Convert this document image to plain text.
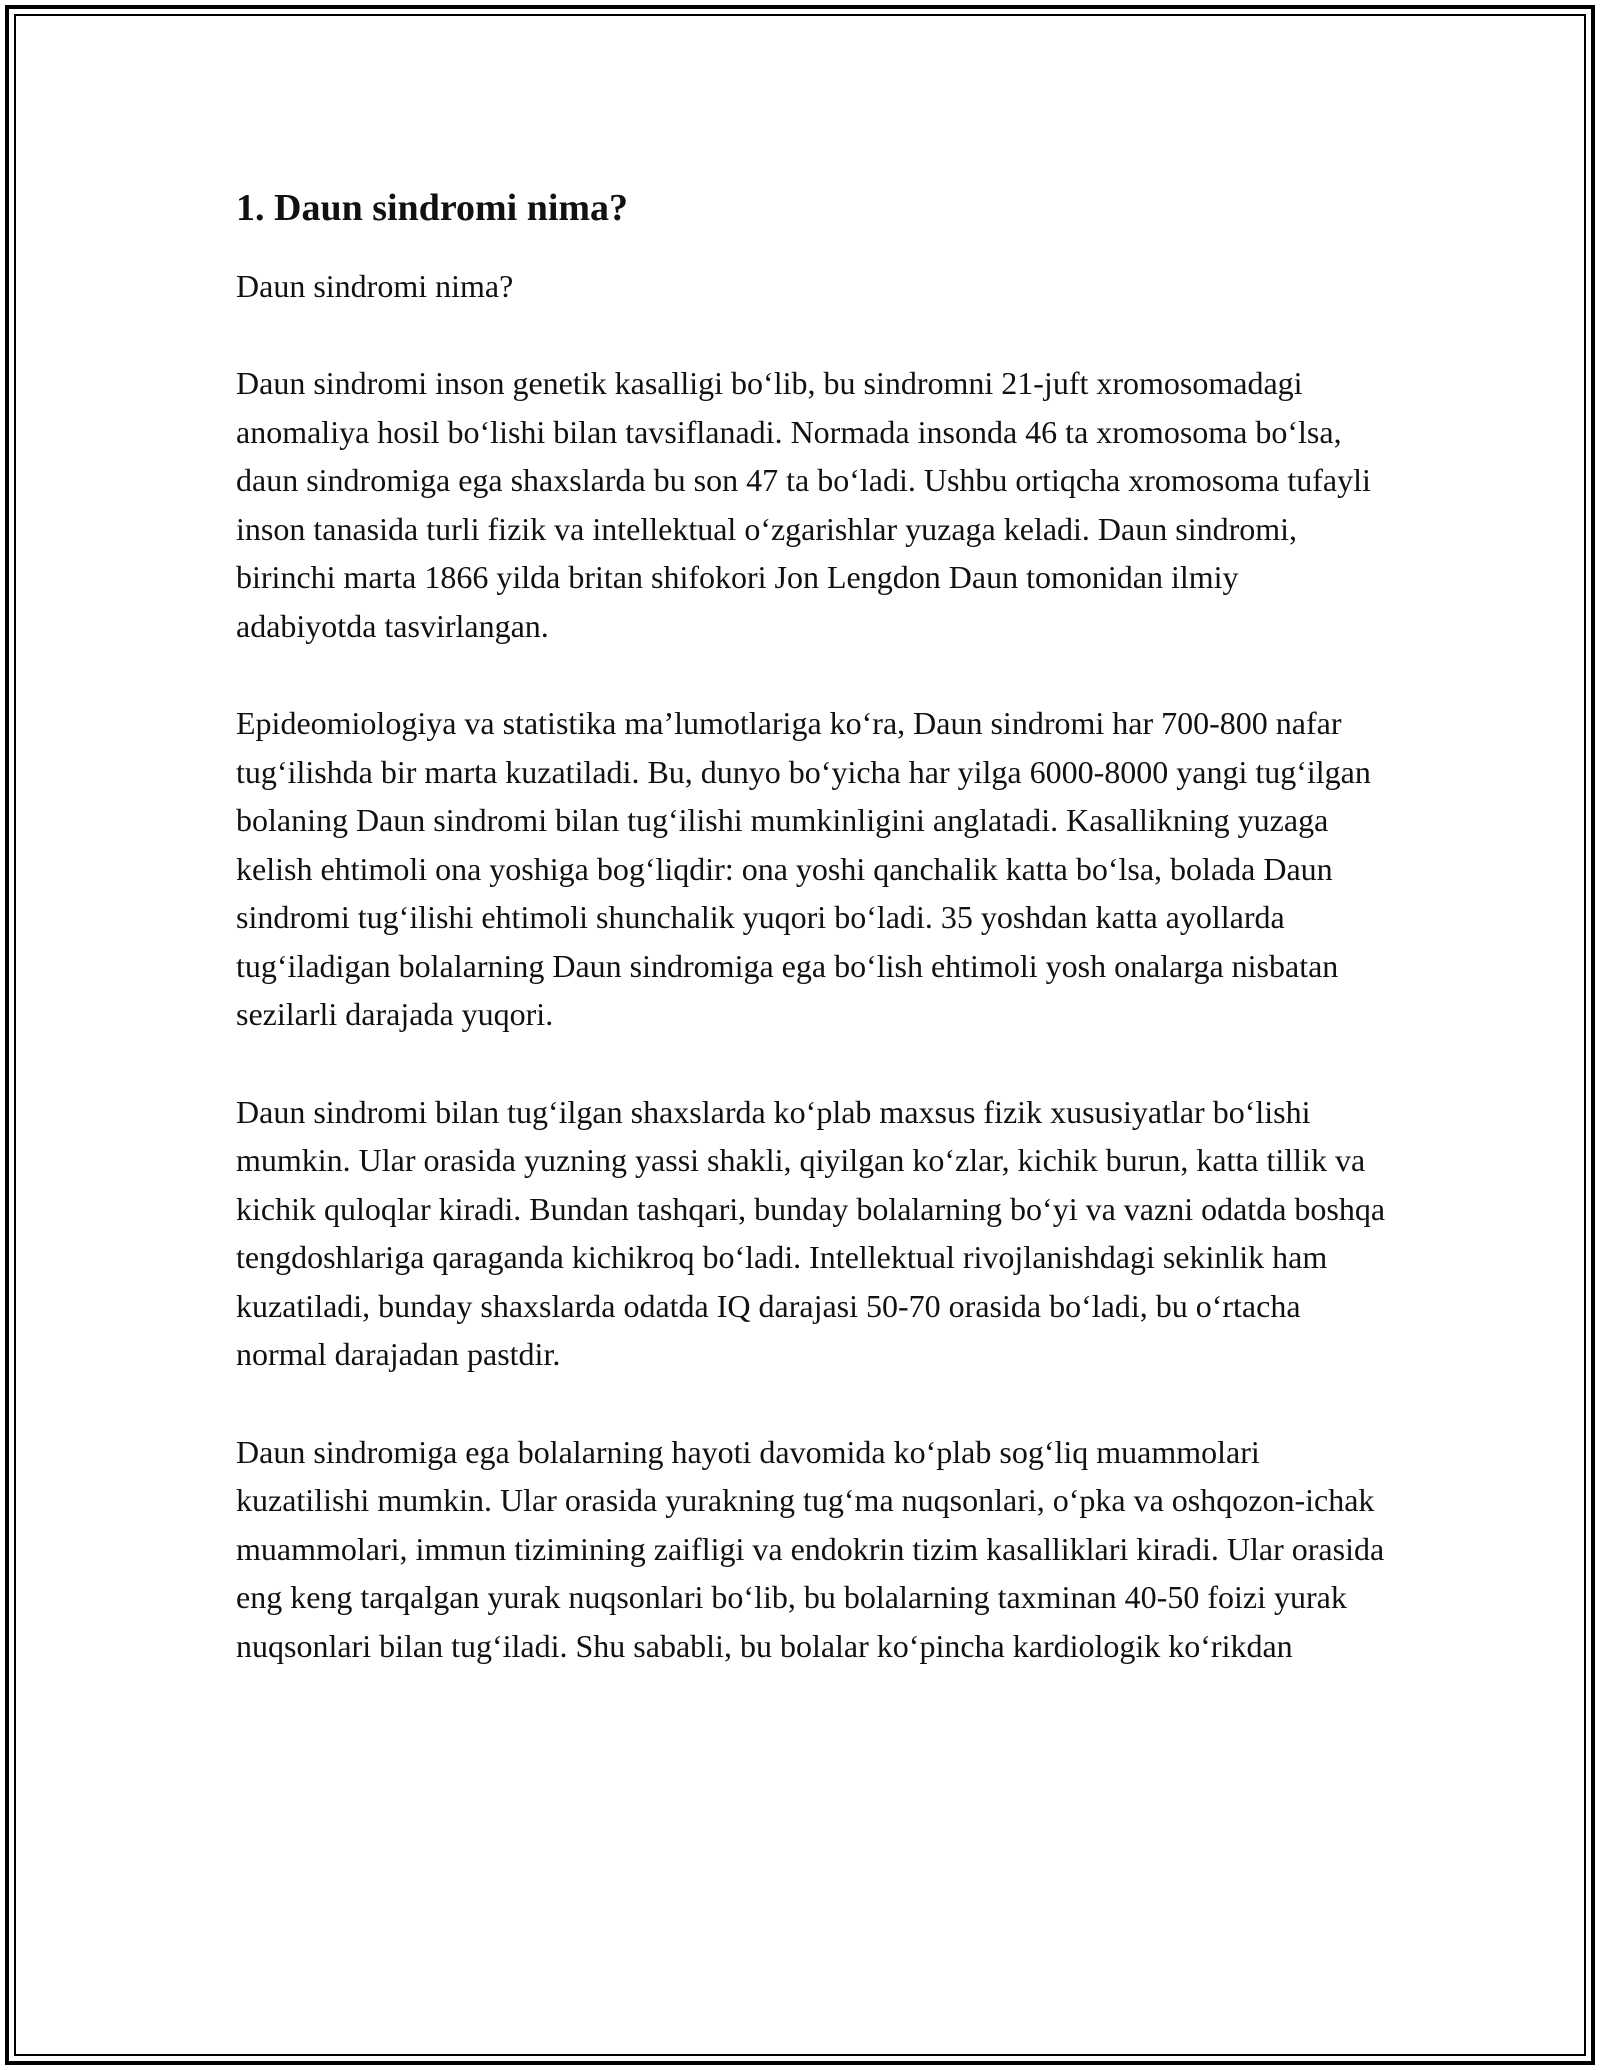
1. Daun sindromi nima?

Daun sindromi nima?

Daun sindromi inson genetik kasalligi bo‘lib, bu sindromni 21-juft xromosomadagi anomaliya hosil bo‘lishi bilan tavsiflanadi. Normada insonda 46 ta xromosoma bo‘lsa, daun sindromiga ega shaxslarda bu son 47 ta bo‘ladi. Ushbu ortiqcha xromosoma tufayli inson tanasida turli fizik va intellektual o‘zgarishlar yuzaga keladi. Daun sindromi, birinchi marta 1866 yilda britan shifokori Jon Lengdon Daun tomonidan ilmiy adabiyotda tasvirlangan.

Epideomiologiya va statistika ma’lumotlariga ko‘ra, Daun sindromi har 700-800 nafar tug‘ilishda bir marta kuzatiladi. Bu, dunyo bo‘yicha har yilga 6000-8000 yangi tug‘ilgan bolaning Daun sindromi bilan tug‘ilishi mumkinligini anglatadi. Kasallikning yuzaga kelish ehtimoli ona yoshiga bog‘liqdir: ona yoshi qanchalik katta bo‘lsa, bolada Daun sindromi tug‘ilishi ehtimoli shunchalik yuqori bo‘ladi. 35 yoshdan katta ayollarda tug‘iladigan bolalarning Daun sindromiga ega bo‘lish ehtimoli yosh onalarga nisbatan sezilarli darajada yuqori.

Daun sindromi bilan tug‘ilgan shaxslarda ko‘plab maxsus fizik xususiyatlar bo‘lishi mumkin. Ular orasida yuzning yassi shakli, qiyilgan ko‘zlar, kichik burun, katta tillik va kichik quloqlar kiradi. Bundan tashqari, bunday bolalarning bo‘yi va vazni odatda boshqa tengdoshlariga qaraganda kichikroq bo‘ladi. Intellektual rivojlanishdagi sekinlik ham kuzatiladi, bunday shaxslarda odatda IQ darajasi 50-70 orasida bo‘ladi, bu o‘rtacha normal darajadan pastdir.

Daun sindromiga ega bolalarning hayoti davomida ko‘plab sog‘liq muammolari kuzatilishi mumkin. Ular orasida yurakning tug‘ma nuqsonlari, o‘pka va oshqozon-ichak muammolari, immun tizimining zaifligi va endokrin tizim kasalliklari kiradi. Ular orasida eng keng tarqalgan yurak nuqsonlari bo‘lib, bu bolalarning taxminan 40-50 foizi yurak nuqsonlari bilan tug‘iladi. Shu sababli, bu bolalar ko‘pincha kardiologik ko‘rikdan
